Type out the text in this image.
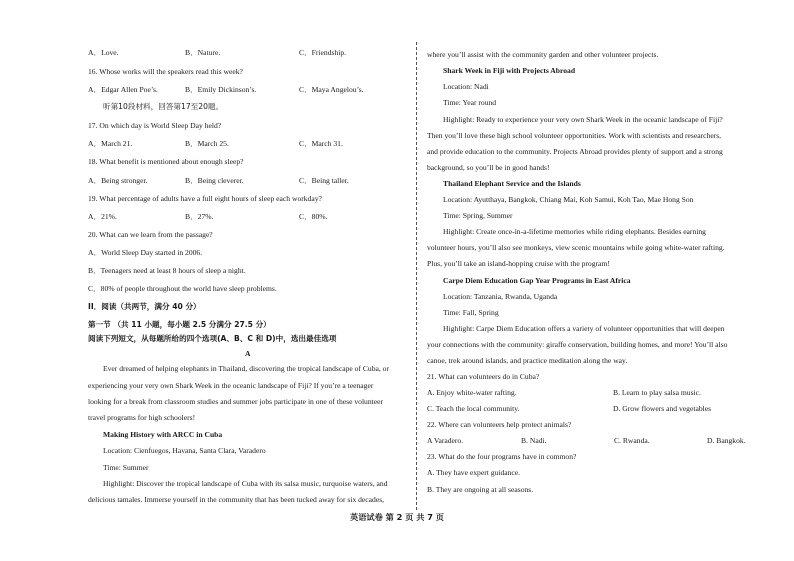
A．Love.	B．Nature.	C．Friendship.
16. Whose works will the speakers read this week?
A．Edgar Allen Poe’s.	B．Emily Dickinson’s.	C．Maya Angelou’s.
听第10段材料，回答第17至20题。
17. On which day is World Sleep Day held?
A．March 21.	B．March 25.	C．March 31.
18. What benefit is mentioned about enough sleep?
A．Being stronger.	B．Being cleverer.	C．Being taller.
19. What percentage of adults have a full eight hours of sleep each workday?
A．21%.	B．27%.	C．80%.
20. What can we learn from the passage?
A．World Sleep Day started in 2006.
B．Teenagers need at least 8 hours of sleep a night.
C．80% of people throughout the world have sleep problems.
II．阅读（共两节，满分 40 分）
第一节 （共 11 小题，每小题 2.5 分满分 27.5 分）
阅读下列短文，从每题所给的四个选项(A、B、C 和 D)中，选出最佳选项
A
Ever dreamed of helping elephants in Thailand, discovering the tropical landscape of Cuba, or
experiencing your very own Shark Week in the oceanic landscape of Fiji? If you’re a teenager
looking for a break from classroom studies and summer jobs participate in one of these volunteer
travel programs for high schoolers!
Making History with ARCC in Cuba
Location: Cienfuegos, Havana, Santa Clara, Varadero
Time: Summer
Highlight: Discover the tropical landscape of Cuba with its salsa music, turquoise waters, and
delicious tamales. Immerse yourself in the community that has been tucked away for six decades,
where you’ll assist with the community garden and other volunteer projects.
Shark Week in Fiji with Projects Abroad
Location: Nadi
Time: Year round
Highlight: Ready to experience your very own Shark Week in the oceanic landscape of Fiji?
Then you’ll love these high school volunteer opportunities. Work with scientists and researchers,
and provide education to the community. Projects Abroad provides plenty of support and a strong
background, so you’ll be in good hands!
Thailand Elephant Service and the Islands
Location: Ayutthaya, Bangkok, Chiang Mai, Koh Samui, Koh Tao, Mae Hong Son
Time: Spring, Summer
Highlight: Create once-in-a-lifetime memories while riding elephants. Besides earning
volunteer hours, you’ll also see monkeys, view scenic mountains while going white-water rafting.
Plus, you’ll take an island-hopping cruise with the program!
Carpe Diem Education Gap Year Programs in East Africa
Location: Tanzania, Rwanda, Uganda
Time: Fall, Spring
Highlight: Carpe Diem Education offers a variety of volunteer opportunities that will deepen
your connections with the community: giraffe conservation, building homes, and more! You’ll also
canoe, trek around islands, and practice meditation along the way.
21. What can volunteers do in Cuba?
A. Enjoy white-water rafting.	B. Learn to play salsa music.
C. Teach the local community.	D. Grow flowers and vegetables
22. Where can volunteers help protect animals?
A Varadero.	B. Nadi.	C. Rwanda.	D. Bangkok.
23. What do the four programs have in common?
A. They have expert guidance.
B. They are ongoing at all seasons.
英语试卷 第 2 页 共 7 页
